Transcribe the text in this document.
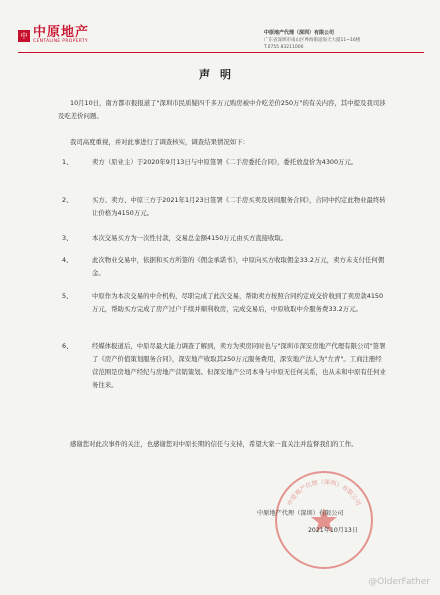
中原
中原地产
CENTALINE PROPERTY
中原地产代理（深圳）有限公司
广东省深圳市南山区粤海街道海天大厦11~16楼
T.0755 83211000
声明
10月10日，南方都市报报道了"深圳市民质疑四千多万元购房被中介吃差价250万"的有关内容，其中提及我司涉及吃差价问题。
我司高度重视，并对此事进行了调查核实，调查结果情况如下：
1、	卖方（原业主）于2020年9月13日与中原签署《二手房委托合同》，委托放盘价为4300万元。
2、	买方、卖方、中原三方于2021年1月23日签署《二手房买卖及居间服务合同》，合同中约定此物业最终转让价格为4150万元。
3、	本次交易买方为一次性付款，交易总金额4150万元由买方直接收取。
4、	此次物业交易中，依据和买方所签的《佣金承诺书》，中原向买方收取佣金33.2万元，卖方未支付任何佣金。
5、	中原作为本次交易的中介机构，尽职完成了此次交易，帮助卖方按照合同约定成交价收到了卖房款4150万元，帮助买方完成了房产过户手续并顺利收房，完成交易后，中原收取中介服务费33.2万元。
6、	经媒体报道后，中原尽最大能力调查了解到，卖方为卖房同时也与"深圳市深安房地产代理有限公司"签署了《房产价值策划服务合同》，深安地产收取其250万元服务费用，深安地产法人为"左青"。工商注册经营范围是房地产经纪与房地产营销策划。但深安地产公司本身与中原无任何关系，也从未和中原有任何业务往来。
感谢您对此次事件的关注，也感谢您对中原长期的信任与支持，希望大家一直关注并监督我们的工作。
中原地产代理（深圳）有限公司
中原地产代理（深圳）有限公司
2021年10月13日
@OlderFather
